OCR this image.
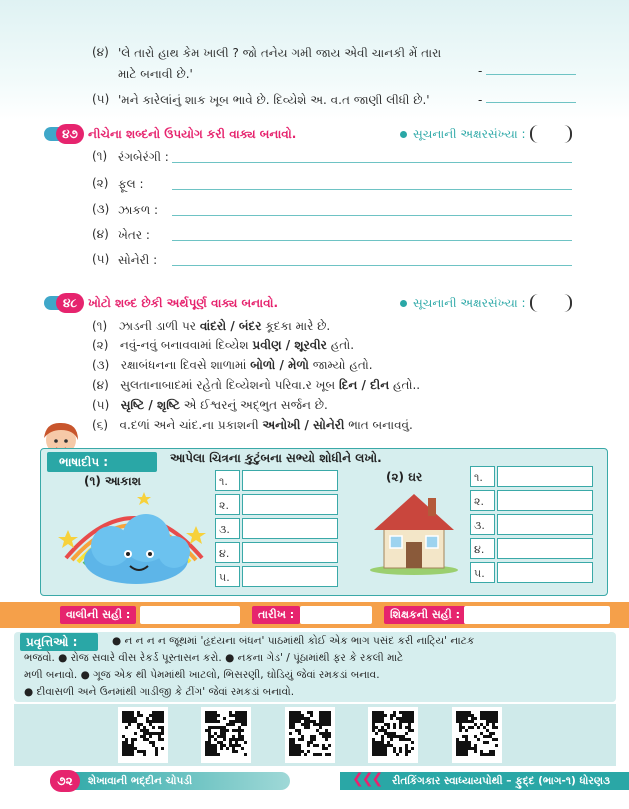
(૪) 'લે તારો હાથ કેમ ખાલી ? જો તનેય ગમી જાય એવી ચાનકી મેં તારા
માટે બનાવી છે.'	-
(૫) 'મને કારેલાંનું શાક ખૂબ ભાવે છે. દિવ્યેશે અ. વ.ત જાણી લીધી છે.'	-
૪૭ નીચેના શબ્દનો ઉપયોગ કરી વાક્ય બનાવો.	સૂચનાની અક્ષરસંખ્યા :
(૧) રંગબેરંગી :
(૨) ફૂલ :
(૩) ઝાકળ :
(૪) ખેતર :
(૫) સોનેરી :
૪૮ ખોટો શબ્દ છેકી અર્થપૂર્ણ વાક્ય બનાવો.	સૂચનાની અક્ષરસંખ્યા :
(૧) ઝાડની ડાળી પર વાંદરો / બંદર કૂદકા મારે છે.
(૨) નવું-નવું બનાવવામાં દિવ્યેશ પ્રવીણ / શૂરવીર હતો.
(૩) રક્ષાબંધનના દિવસે શાળામાં બોળો / મેળો જામ્યો હતો.
(૪) સુલતાનાબાદમાં રહેતો દિવ્યેશનો પરિવા.ર ખૂબ દિન / દીન હતો..
(૫) સૃષ્ટિ / શૃષ્ટિ એ ઈશ્વરનું અદ્ભુત સર્જન છે.
(૬) વ.દળાં અને ચાંદ.ના પ્રકાશની અનોખી / સોનેરી ભાત બનાવવું.
ભાષાદીપ :	આપેલા ચિત્રના કુટુંબના સભ્યો શોધીને લખો.
(૧) આકાશ	(૨) ઘર
વાલીની સહી :	તારીખ :	શિક્ષકની સહી :
પ્રવૃત્તિઓ :	● ન ન ન ન જૂથમાં 'હૃદયના બંધન' પાઠમાંથી કોઈ એક ભાગ પસંદ કરી નાટ્યિ' નાટક
ભજવો. ● રોજ સવારે વીસ રેકર્ડ પૂસ્તાસન કરો. ● નકના ગેડ' / પૂંઠામાંથી ફર કે રકલી માટે
મળી બનાવો. ● ગૂજ એક થી પેમમાંથી ખાટલો, ભિસરણી, ઘોડિયું જેવાં રમકડાં બનાવ.
● દીવાસળી અને ઉનમાંથી ગાડીજી કે ટીંગ' જેવાં રમકડાં બનાવો.
૭૨	શેખાવાની ભદ્દીન ચોપડી	❮❮❮ રીતકિંગકાર સ્વાધ્યાયપોથી – ફુદ્દ (ભાગ-૧) ધોરણ૩
૧.
૨.
૩.
૪.
૫.
૧.
૨.
૩.
૪.
૫.
